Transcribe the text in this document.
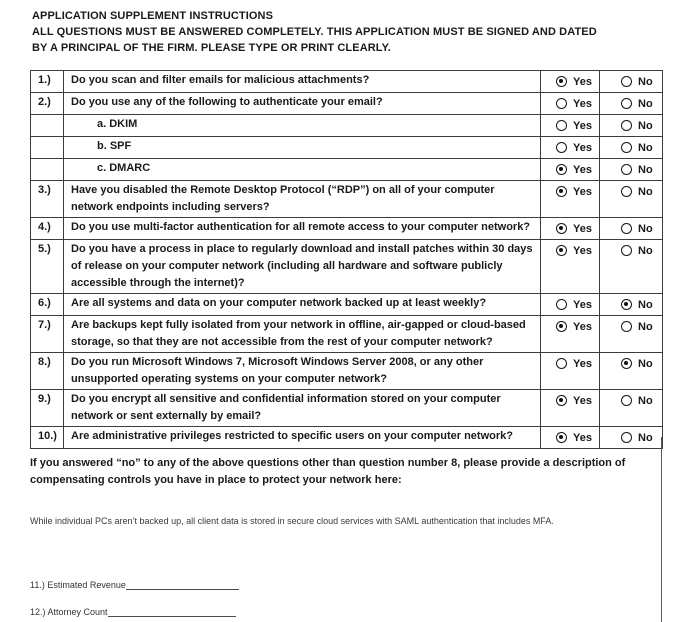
APPLICATION SUPPLEMENT INSTRUCTIONS
ALL QUESTIONS MUST BE ANSWERED COMPLETELY. THIS APPLICATION MUST BE SIGNED AND DATED
BY A PRINCIPAL OF THE FIRM. PLEASE TYPE OR PRINT CLEARLY.
1.)	Do you scan and filter emails for malicious attachments?	Yes	No

2.)	Do you use any of the following to authenticate your email?	Yes	No

	a. DKIM	Yes	No

	b. SPF	Yes	No

	c. DMARC	Yes	No

3.)	Have you disabled the Remote Desktop Protocol (“RDP”) on all of your computer network endpoints including servers?	Yes	No

4.)	Do you use multi-factor authentication for all remote access to your computer network?	Yes	No

5.)	Do you have a process in place to regularly download and install patches within 30 days of release on your computer network (including all hardware and software publicly accessible through the internet)?	Yes	No

6.)	Are all systems and data on your computer network backed up at least weekly?	Yes	No

7.)	Are backups kept fully isolated from your network in offline, air-gapped or cloud-based storage, so that they are not accessible from the rest of your computer network?	Yes	No

8.)	Do you run Microsoft Windows 7, Microsoft Windows Server 2008, or any other unsupported operating systems on your computer network?	Yes	No

9.)	Do you encrypt all sensitive and confidential information stored on your computer network or sent externally by email?	Yes	No

10.)	Are administrative privileges restricted to specific users on your computer network?	Yes	No
If you answered “no” to any of the above questions other than question number 8, please provide a description of compensating controls you have in place to protect your network here:
While individual PCs aren’t backed up, all client data is stored in secure cloud services with SAML authentication that includes MFA.
11.) Estimated Revenue
12.) Attorney Count
